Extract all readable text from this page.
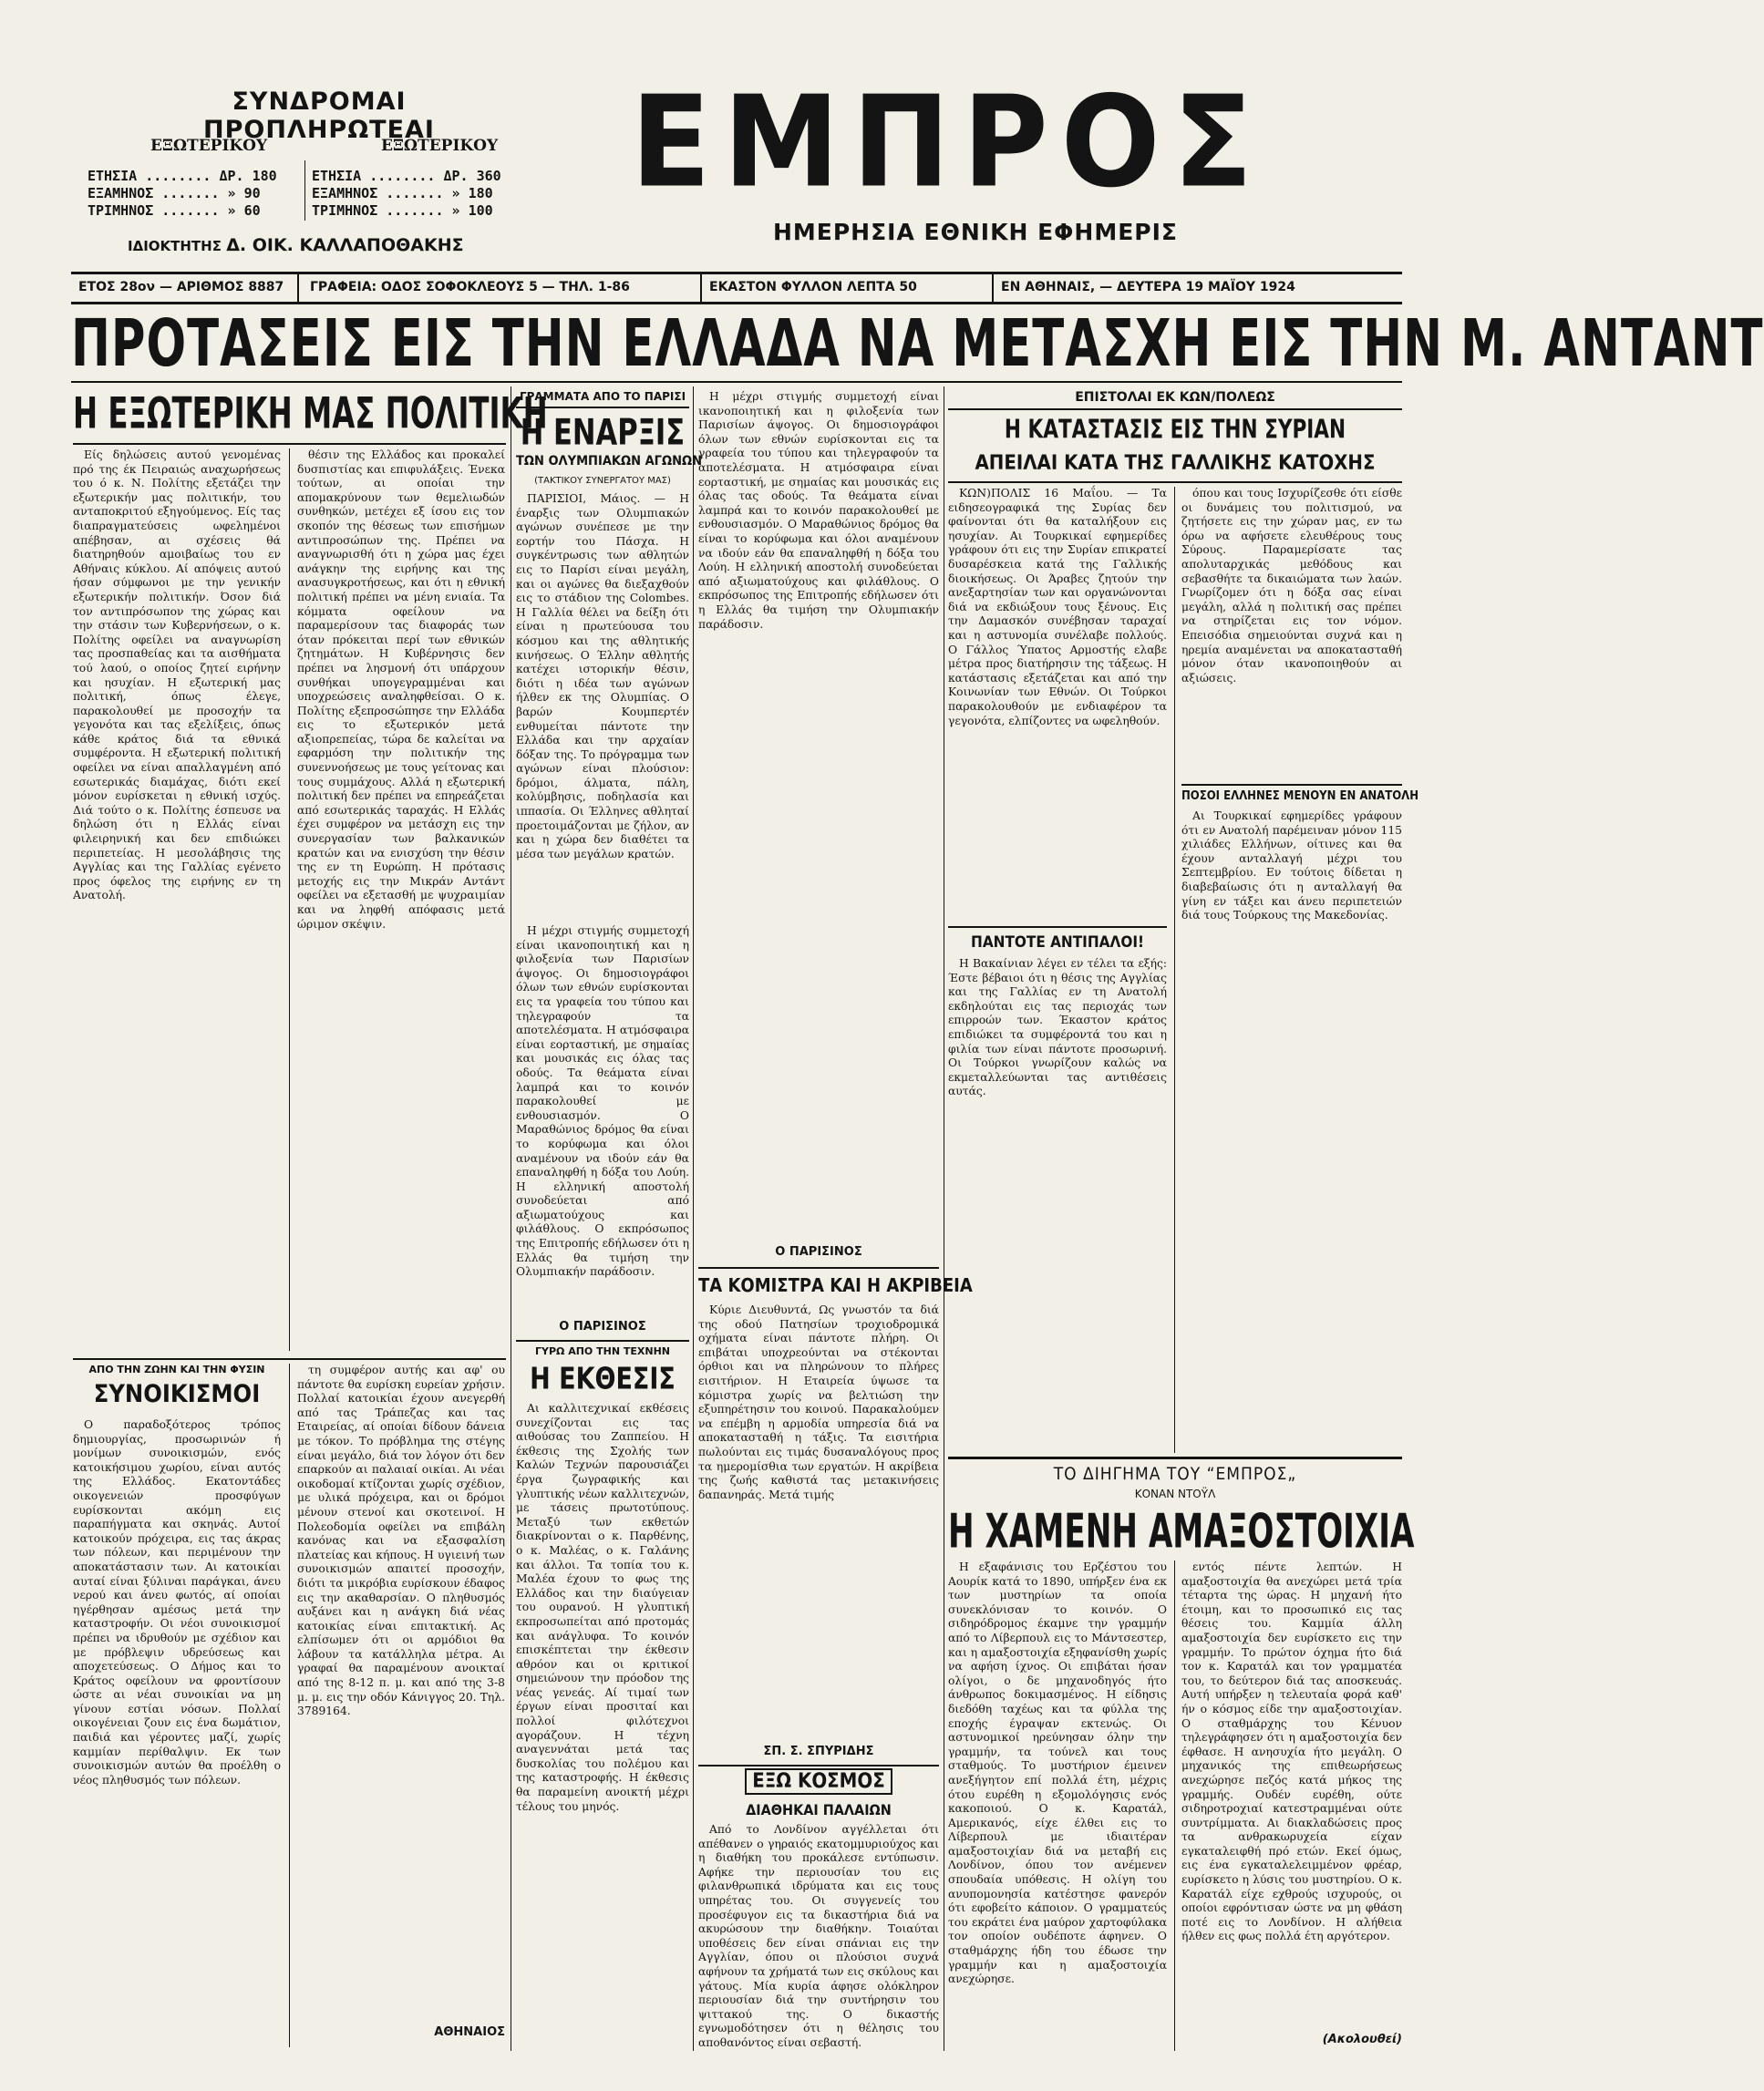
ΣΥΝΔΡΟΜΑΙ ΠΡΟΠΛΗΡΩΤΕΑΙ
ΕΞΩΤΕΡΙΚΟΥ	ΕΞΩΤΕΡΙΚΟΥ
ΕΤΗΣΙΑ ........ ΔΡ. 180
ΕΞΑΜΗΝΟΣ ....... » 90
ΤΡΙΜΗΝΟΣ ....... » 60
ΕΤΗΣΙΑ ........ ΔΡ. 360
ΕΞΑΜΗΝΟΣ ....... » 180
ΤΡΙΜΗΝΟΣ ....... » 100
ΙΔΙΟΚΤΗΤΗΣ Δ. ΟΙΚ. ΚΑΛΛΑΠΟΘΑΚΗΣ
ΕΜΠΡΟΣ
ΗΜΕΡΗΣΙΑ ΕΘΝΙΚΗ ΕΦΗΜΕΡΙΣ
ΕΤΟΣ 28ον — ΑΡΙΘΜΟΣ 8887 ΓΡΑΦΕΙΑ: ΟΔΟΣ ΣΟΦΟΚΛΕΟΥΣ 5 — ΤΗΛ. 1-86	ΕΚΑΣΤΟΝ ΦΥΛΛΟΝ ΛΕΠΤΑ 50	ΕΝ ΑΘΗΝΑΙΣ, — ΔΕΥΤΕΡΑ 19 ΜΑΪΟΥ 1924
ΠΡΟΤΑΣΕΙΣ ΕΙΣ ΤΗΝ ΕΛΛΑΔΑ ΝΑ ΜΕΤΑΣΧΗ ΕΙΣ ΤΗΝ Μ. ΑΝΤΑΝΤ
Η ΕΞΩΤΕΡΙΚΗ ΜΑΣ ΠΟΛΙΤΙΚΗ
Είς δηλώσεις αυτού γενομένας πρό της έκ Πειραιώς αναχωρήσεως του ό κ. Ν. Πολίτης εξετάζει την εξωτερικήν μας πολιτικήν, του ανταποκριτού εξηγούμενος. Είς τας διαπραγματεύσεις ωφελημένοι απέβησαν, αι σχέσεις θά διατηρηθούν αμοιβαίως του εν Αθήναις κύκλου. Αί απόψεις αυτού ήσαν σύμφωνοι με την γενικήν εξωτερικήν πολιτικήν. Όσον διά τον αντιπρόσωπον της χώρας και την στάσιν των Κυβερνήσεων, ο κ. Πολίτης οφείλει να αναγνωρίση τας προσπαθείας και τα αισθήματα τού λαού, ο οποίος ζητεί ειρήνην και ησυχίαν. Η εξωτερική μας πολιτική, όπως έλεγε, παρακολουθεί με προσοχήν τα γεγονότα και τας εξελίξεις, όπως κάθε κράτος διά τα εθνικά συμφέροντα. Η εξωτερική πολιτική οφείλει να είναι απαλλαγμένη από εσωτερικάς διαμάχας, διότι εκεί μόνον ευρίσκεται η εθνική ισχύς. Διά τούτο ο κ. Πολίτης έσπευσε να δηλώση ότι η Ελλάς είναι φιλειρηνική και δεν επιδιώκει περιπετείας. Η μεσολάβησις της Αγγλίας και της Γαλλίας εγένετο προς όφελος της ειρήνης εν τη Ανατολή.
θέσιν της Ελλάδος και προκαλεί δυσπιστίας και επιφυλάξεις. Ένεκα τούτων, αι οποίαι την απομακρύνουν των θεμελιωδών συνθηκών, μετέχει εξ ίσου εις τον σκοπόν της θέσεως των επισήμων αντιπροσώπων της. Πρέπει να αναγνωρισθή ότι η χώρα μας έχει ανάγκην της ειρήνης και της ανασυγκροτήσεως, και ότι η εθνική πολιτική πρέπει να μένη ενιαία. Τα κόμματα οφείλουν να παραμερίσουν τας διαφοράς των όταν πρόκειται περί των εθνικών ζητημάτων. Η Κυβέρνησις δεν πρέπει να λησμονή ότι υπάρχουν συνθήκαι υπογεγραμμέναι και υποχρεώσεις αναληφθείσαι. Ο κ. Πολίτης εξεπροσώπησε την Ελλάδα εις το εξωτερικόν μετά αξιοπρεπείας, τώρα δε καλείται να εφαρμόση την πολιτικήν της συνεννοήσεως με τους γείτονας και τους συμμάχους. Αλλά η εξωτερική πολιτική δεν πρέπει να επηρεάζεται από εσωτερικάς ταραχάς. Η Ελλάς έχει συμφέρον να μετάσχη εις την συνεργασίαν των βαλκανικών κρατών και να ενισχύση την θέσιν της εν τη Ευρώπη. Η πρότασις μετοχής εις την Μικράν Αντάντ οφείλει να εξετασθή με ψυχραιμίαν και να ληφθή απόφασις μετά ώριμον σκέψιν.
ΑΠΟ ΤΗΝ ΖΩΗΝ ΚΑΙ ΤΗΝ ΦΥΣΙΝ
ΣΥΝΟΙΚΙΣΜΟΙ
Ο παραδοξότερος τρόπος δημιουργίας, προσωρινών ή μονίμων συνοικισμών, ενός κατοικήσιμου χωρίου, είναι αυτός της Ελλάδος. Εκατοντάδες οικογενειών προσφύγων ευρίσκονται ακόμη εις παραπήγματα και σκηνάς. Αυτοί κατοικούν πρόχειρα, εις τας άκρας των πόλεων, και περιμένουν την αποκατάστασιν των. Αι κατοικίαι αυταί είναι ξύλιναι παράγκαι, άνευ νερού και άνευ φωτός, αί οποίαι ηγέρθησαν αμέσως μετά την καταστροφήν. Οι νέοι συνοικισμοί πρέπει να ιδρυθούν με σχέδιον και με πρόβλεψιν υδρεύσεως και αποχετεύσεως. Ο Δήμος και το Κράτος οφείλουν να φροντίσουν ώστε αι νέαι συνοικίαι να μη γίνουν εστίαι νόσων. Πολλαί οικογένειαι ζουν εις ένα δωμάτιον, παιδιά και γέροντες μαζί, χωρίς καμμίαν περίθαλψιν. Εκ των συνοικισμών αυτών θα προέλθη ο νέος πληθυσμός των πόλεων.
τη συμφέρον αυτής και αφ' ου πάντοτε θα ευρίσκη ευρείαν χρήσιν. Πολλαί κατοικίαι έχουν ανεγερθή από τας Τράπεζας και τας Εταιρείας, αί οποίαι δίδουν δάνεια με τόκον. Το πρόβλημα της στέγης είναι μεγάλο, διά τον λόγον ότι δεν επαρκούν αι παλαιαί οικίαι. Αι νέαι οικοδομαί κτίζονται χωρίς σχέδιον, με υλικά πρόχειρα, και οι δρόμοι μένουν στενοί και σκοτεινοί. Η Πολεοδομία οφείλει να επιβάλη κανόνας και να εξασφαλίση πλατείας και κήπους. Η υγιεινή των συνοικισμών απαιτεί προσοχήν, διότι τα μικρόβια ευρίσκουν έδαφος εις την ακαθαρσίαν. Ο πληθυσμός αυξάνει και η ανάγκη διά νέας κατοικίας είναι επιτακτική. Ας ελπίσωμεν ότι οι αρμόδιοι θα λάβουν τα κατάλληλα μέτρα. Αι γραφαί θα παραμένουν ανοικταί από της 8-12 π. μ. και από της 3-8 μ. μ. εις την οδόν Κάνιγγος 20. Τηλ. 3789164.
ΑΘΗΝΑΙΟΣ
ΓΡΑΜΜΑΤΑ ΑΠΟ ΤΟ ΠΑΡΙΣΙ
Η ΕΝΑΡΞΙΣ
ΤΩΝ ΟΛΥΜΠΙΑΚΩΝ ΑΓΩΝΩΝ
(ΤΑΚΤΙΚΟΥ ΣΥΝΕΡΓΑΤΟΥ ΜΑΣ)
ΠΑΡΙΣΙΟΙ, Μάιος. — Η έναρξις των Ολυμπιακών αγώνων συνέπεσε με την εορτήν του Πάσχα. Η συγκέντρωσις των αθλητών εις το Παρίσι είναι μεγάλη, και οι αγώνες θα διεξαχθούν εις το στάδιον της Colombes. Η Γαλλία θέλει να δείξη ότι είναι η πρωτεύουσα του κόσμου και της αθλητικής κινήσεως. Ο Έλλην αθλητής κατέχει ιστορικήν θέσιν, διότι η ιδέα των αγώνων ήλθεν εκ της Ολυμπίας. Ο βαρών Κουμπερτέν ενθυμείται πάντοτε την Ελλάδα και την αρχαίαν δόξαν της. Το πρόγραμμα των αγώνων είναι πλούσιον: δρόμοι, άλματα, πάλη, κολύμβησις, ποδηλασία και ιππασία. Οι Έλληνες αθληταί προετοιμάζονται με ζήλον, αν και η χώρα δεν διαθέτει τα μέσα των μεγάλων κρατών.
Η μέχρι στιγμής συμμετοχή είναι ικανοποιητική και η φιλοξενία των Παρισίων άψογος. Οι δημοσιογράφοι όλων των εθνών ευρίσκονται εις τα γραφεία του τύπου και τηλεγραφούν τα αποτελέσματα. Η ατμόσφαιρα είναι εορταστική, με σημαίας και μουσικάς εις όλας τας οδούς. Τα θεάματα είναι λαμπρά και το κοινόν παρακολουθεί με ενθουσιασμόν. Ο Μαραθώνιος δρόμος θα είναι το κορύφωμα και όλοι αναμένουν να ιδούν εάν θα επαναληφθή η δόξα του Λούη. Η ελληνική αποστολή συνοδεύεται από αξιωματούχους και φιλάθλους. Ο εκπρόσωπος της Επιτροπής εδήλωσεν ότι η Ελλάς θα τιμήση την Ολυμπιακήν παράδοσιν.
Ο ΠΑΡΙΣΙΝΟΣ
ΓΥΡΩ ΑΠΟ ΤΗΝ ΤΕΧΝΗΝ
Η ΕΚΘΕΣΙΣ
Αι καλλιτεχνικαί εκθέσεις συνεχίζονται εις τας αιθούσας του Ζαππείου. Η έκθεσις της Σχολής των Καλών Τεχνών παρουσιάζει έργα ζωγραφικής και γλυπτικής νέων καλλιτεχνών, με τάσεις πρωτοτύπους. Μεταξύ των εκθετών διακρίνονται ο κ. Παρθένης, ο κ. Μαλέας, ο κ. Γαλάνης και άλλοι. Τα τοπία του κ. Μαλέα έχουν το φως της Ελλάδος και την διαύγειαν του ουρανού. Η γλυπτική εκπροσωπείται από προτομάς και ανάγλυφα. Το κοινόν επισκέπτεται την έκθεσιν αθρόον και οι κριτικοί σημειώνουν την πρόοδον της νέας γενεάς. Αί τιμαί των έργων είναι προσιταί και πολλοί φιλότεχνοι αγοράζουν. Η τέχνη αναγεννάται μετά τας δυσκολίας του πολέμου και της καταστροφής. Η έκθεσις θα παραμείνη ανοικτή μέχρι τέλους του μηνός.
Η μέχρι στιγμής συμμετοχή είναι ικανοποιητική και η φιλοξενία των Παρισίων άψογος. Οι δημοσιογράφοι όλων των εθνών ευρίσκονται εις τα γραφεία του τύπου και τηλεγραφούν τα αποτελέσματα. Η ατμόσφαιρα είναι εορταστική, με σημαίας και μουσικάς εις όλας τας οδούς. Τα θεάματα είναι λαμπρά και το κοινόν παρακολουθεί με ενθουσιασμόν. Ο Μαραθώνιος δρόμος θα είναι το κορύφωμα και όλοι αναμένουν να ιδούν εάν θα επαναληφθή η δόξα του Λούη. Η ελληνική αποστολή συνοδεύεται από αξιωματούχους και φιλάθλους. Ο εκπρόσωπος της Επιτροπής εδήλωσεν ότι η Ελλάς θα τιμήση την Ολυμπιακήν παράδοσιν.
Ο ΠΑΡΙΣΙΝΟΣ
ΤΑ ΚΟΜΙΣΤΡΑ ΚΑΙ Η ΑΚΡΙΒΕΙΑ
Κύριε Διευθυντά, Ως γνωστόν τα διά της οδού Πατησίων τροχιοδρομικά οχήματα είναι πάντοτε πλήρη. Οι επιβάται υποχρεούνται να στέκονται όρθιοι και να πληρώνουν το πλήρες εισιτήριον. Η Εταιρεία ύψωσε τα κόμιστρα χωρίς να βελτιώση την εξυπηρέτησιν του κοινού. Παρακαλούμεν να επέμβη η αρμοδία υπηρεσία διά να αποκατασταθή η τάξις. Τα εισιτήρια πωλούνται εις τιμάς δυσαναλόγους προς τα ημερομίσθια των εργατών. Η ακρίβεια της ζωής καθιστά τας μετακινήσεις δαπανηράς. Μετά τιμής
ΣΠ. Σ. ΣΠΥΡΙΔΗΣ
ΕΞΩ ΚΟΣΜΟΣ
ΔΙΑΘΗΚΑΙ ΠΑΛΑΙΩΝ
Από το Λονδίνον αγγέλλεται ότι απέθανεν ο γηραιός εκατομμυριούχος και η διαθήκη του προκάλεσε εντύπωσιν. Αφήκε την περιουσίαν του εις φιλανθρωπικά ιδρύματα και εις τους υπηρέτας του. Οι συγγενείς του προσέφυγον εις τα δικαστήρια διά να ακυρώσουν την διαθήκην. Τοιαύται υποθέσεις δεν είναι σπάνιαι εις την Αγγλίαν, όπου οι πλούσιοι συχνά αφήνουν τα χρήματά των εις σκύλους και γάτους. Μία κυρία άφησε ολόκληρον περιουσίαν διά την συντήρησιν του ψιττακού της. Ο δικαστής εγνωμοδότησεν ότι η θέλησις του αποθανόντος είναι σεβαστή.
ΕΠΙΣΤΟΛΑΙ ΕΚ ΚΩΝ/ΠΟΛΕΩΣ
Η ΚΑΤΑΣΤΑΣΙΣ ΕΙΣ ΤΗΝ ΣΥΡΙΑΝ
ΑΠΕΙΛΑΙ ΚΑΤΑ ΤΗΣ ΓΑΛΛΙΚΗΣ ΚΑΤΟΧΗΣ
ΚΩΝ)ΠΟΛΙΣ 16 Μαΐου. — Τα ειδησεογραφικά της Συρίας δεν φαίνονται ότι θα καταλήξουν εις ησυχίαν. Αι Τουρκικαί εφημερίδες γράφουν ότι εις την Συρίαν επικρατεί δυσαρέσκεια κατά της Γαλλικής διοικήσεως. Οι Άραβες ζητούν την ανεξαρτησίαν των και οργανώνονται διά να εκδιώξουν τους ξένους. Εις την Δαμασκόν συνέβησαν ταραχαί και η αστυνομία συνέλαβε πολλούς. Ο Γάλλος Ύπατος Αρμοστής ελαβε μέτρα προς διατήρησιν της τάξεως. Η κατάστασις εξετάζεται και από την Κοινωνίαν των Εθνών. Οι Τούρκοι παρακολουθούν με ενδιαφέρον τα γεγονότα, ελπίζοντες να ωφεληθούν.
όπου και τους Ισχυρίζεσθε ότι είσθε οι δυνάμεις του πολιτισμού, να ζητήσετε εις την χώραν μας, εν τω όρω να αφήσετε ελευθέρους τους Σύρους. Παραμερίσατε τας απολυταρχικάς μεθόδους και σεβασθήτε τα δικαιώματα των λαών. Γνωρίζομεν ότι η δόξα σας είναι μεγάλη, αλλά η πολιτική σας πρέπει να στηρίζεται εις τον νόμον. Επεισόδια σημειούνται συχνά και η ηρεμία αναμένεται να αποκατασταθή μόνον όταν ικανοποιηθούν αι αξιώσεις.
ΠΟΣΟΙ ΕΛΛΗΝΕΣ ΜΕΝΟΥΝ ΕΝ ΑΝΑΤΟΛΗ
Αι Τουρκικαί εφημερίδες γράφουν ότι εν Ανατολή παρέμειναν μόνον 115 χιλιάδες Ελλήνων, οίτινες και θα έχουν ανταλλαγή μέχρι του Σεπτεμβρίου. Εν τούτοις δίδεται η διαβεβαίωσις ότι η ανταλλαγή θα γίνη εν τάξει και άνευ περιπετειών διά τους Τούρκους της Μακεδονίας.
ΠΑΝΤΟΤΕ ΑΝΤΙΠΑΛΟΙ!
Η Βακαίνιαν λέγει εν τέλει τα εξής: Έστε βέβαιοι ότι η θέσις της Αγγλίας και της Γαλλίας εν τη Ανατολή εκδηλούται εις τας περιοχάς των επιρροών των. Έκαστον κράτος επιδιώκει τα συμφέροντά του και η φιλία των είναι πάντοτε προσωρινή. Οι Τούρκοι γνωρίζουν καλώς να εκμεταλλεύωνται τας αντιθέσεις αυτάς.
ΤΟ ΔΙΗΓΗΜΑ ΤΟΥ “ΕΜΠΡΟΣ„
ΚΟΝΑΝ ΝΤΟΫΛ
Η ΧΑΜΕΝΗ ΑΜΑΞΟΣΤΟΙΧΙΑ
Η εξαφάνισις του Ερζέστου του Αουρίκ κατά το 1890, υπήρξεν ένα εκ των μυστηρίων τα οποία συνεκλόνισαν το κοινόν. Ο σιδηρόδρομος έκαμνε την γραμμήν από το Λίβερπουλ εις το Μάντσεστερ, και η αμαξοστοιχία εξηφανίσθη χωρίς να αφήση ίχνος. Οι επιβάται ήσαν ολίγοι, ο δε μηχανοδηγός ήτο άνθρωπος δοκιμασμένος. Η είδησις διεδόθη ταχέως και τα φύλλα της εποχής έγραψαν εκτενώς. Οι αστυνομικοί ηρεύνησαν όλην την γραμμήν, τα τούνελ και τους σταθμούς. Το μυστήριον έμεινεν ανεξήγητον επί πολλά έτη, μέχρις ότου ευρέθη η εξομολόγησις ενός κακοποιού. Ο κ. Καρατάλ, Αμερικανός, είχε έλθει εις το Λίβερπουλ με ιδιαιτέραν αμαξοστοιχίαν διά να μεταβή εις Λονδίνον, όπου τον ανέμενεν σπουδαία υπόθεσις. Η ολίγη του ανυπομονησία κατέστησε φανερόν ότι εφοβείτο κάποιον. Ο γραμματεύς του εκράτει ένα μαύρον χαρτοφύλακα τον οποίον ουδέποτε άφηνεν. Ο σταθμάρχης ήδη του έδωσε την γραμμήν και η αμαξοστοιχία ανεχώρησε.
εντός πέντε λεπτών. Η αμαξοστοιχία θα ανεχώρει μετά τρία τέταρτα της ώρας. Η μηχανή ήτο έτοιμη, και το προσωπικό εις τας θέσεις του. Καμμία άλλη αμαξοστοιχία δεν ευρίσκετο εις την γραμμήν. Το πρώτον όχημα ήτο διά τον κ. Καρατάλ και τον γραμματέα του, το δεύτερον διά τας αποσκευάς. Αυτή υπήρξεν η τελευταία φορά καθ' ήν ο κόσμος είδε την αμαξοστοιχίαν. Ο σταθμάρχης του Κένυον τηλεγράφησεν ότι η αμαξοστοιχία δεν έφθασε. Η ανησυχία ήτο μεγάλη. Ο μηχανικός της επιθεωρήσεως ανεχώρησε πεζός κατά μήκος της γραμμής. Ουδέν ευρέθη, ούτε σιδηροτροχιαί κατεστραμμέναι ούτε συντρίμματα. Αι διακλαδώσεις προς τα ανθρακωρυχεία είχαν εγκαταλειφθή πρό ετών. Εκεί όμως, εις ένα εγκαταλελειμμένον φρέαρ, ευρίσκετο η λύσις του μυστηρίου. Ο κ. Καρατάλ είχε εχθρούς ισχυρούς, οι οποίοι εφρόντισαν ώστε να μη φθάση ποτέ εις το Λονδίνον. Η αλήθεια ήλθεν εις φως πολλά έτη αργότερον.
(Ακολουθεί)
